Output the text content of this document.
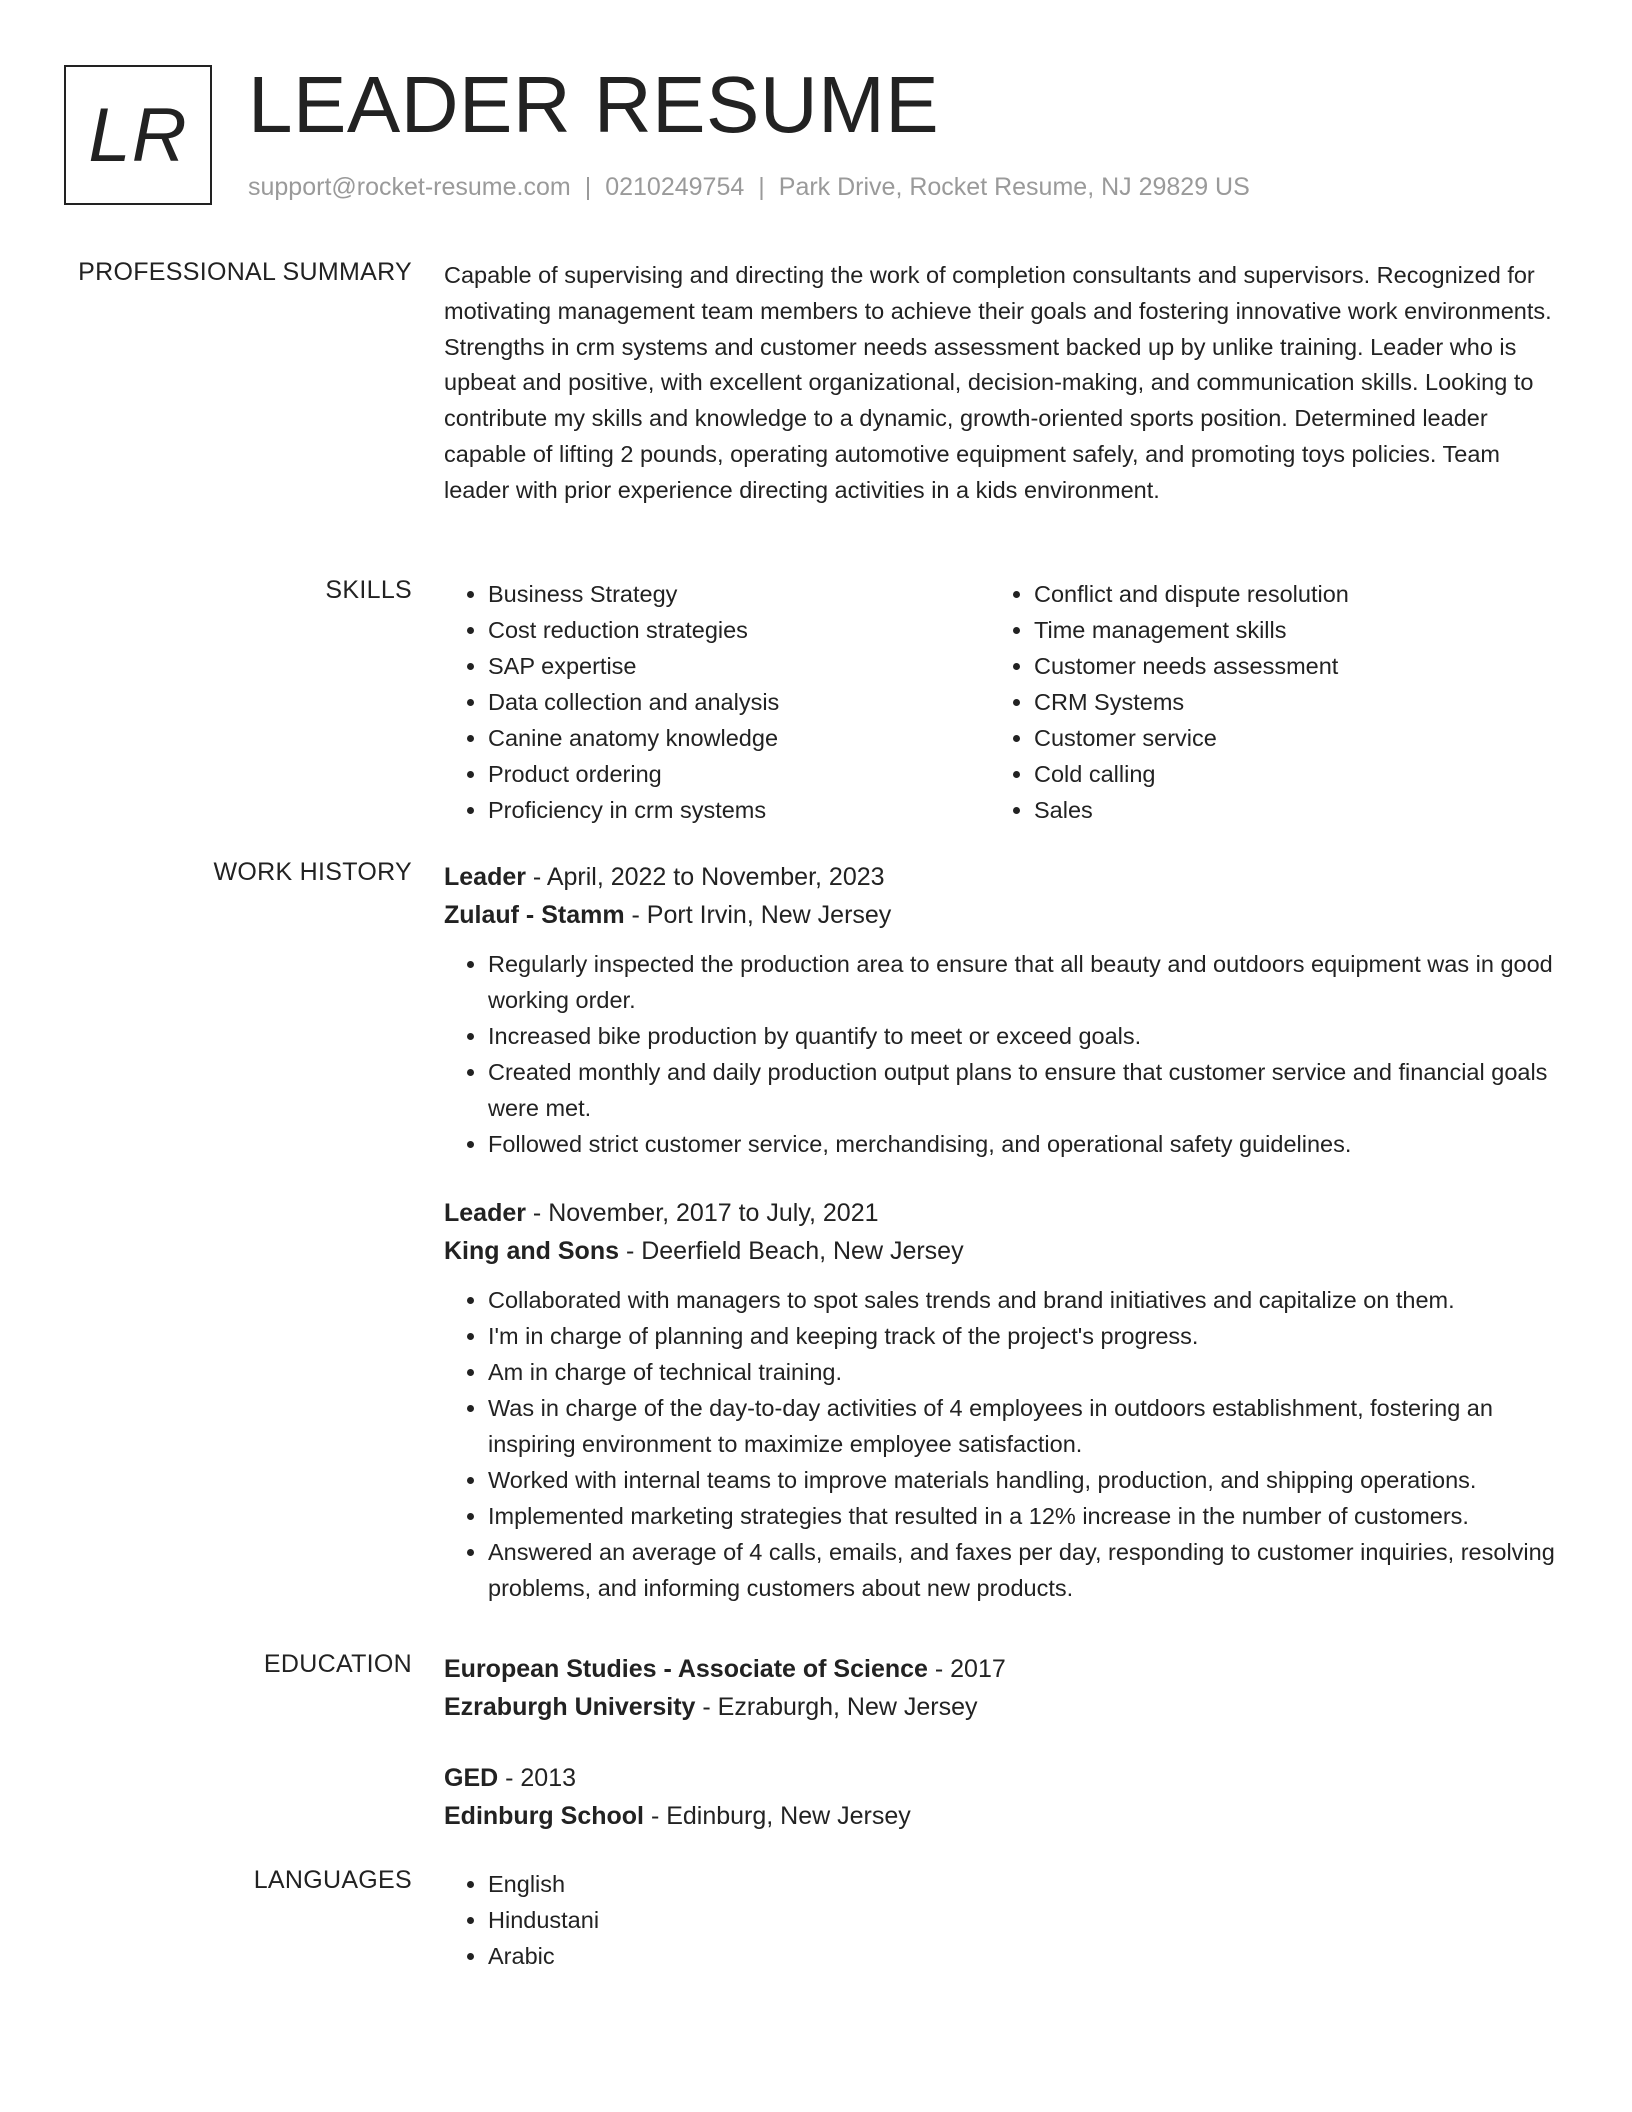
LR LEADER RESUME
support@rocket-resume.com | 0210249754 | Park Drive, Rocket Resume, NJ 29829 US
PROFESSIONAL SUMMARY Capable of supervising and directing the work of completion consultants and supervisors. Recognized for motivating management team members to achieve their goals and fostering innovative work environments. Strengths in crm systems and customer needs assessment backed up by unlike training. Leader who is upbeat and positive, with excellent organizational, decision-making, and communication skills. Looking to contribute my skills and knowledge to a dynamic, growth-oriented sports position. Determined leader capable of lifting 2 pounds, operating automotive equipment safely, and promoting toys policies. Team leader with prior experience directing activities in a kids environment.

SKILLS	• Business Strategy
• Cost reduction strategies
• SAP expertise
• Data collection and analysis
• Canine anatomy knowledge
• Product ordering
• Proficiency in crm systems
• Conflict and dispute resolution
• Time management skills
• Customer needs assessment
• CRM Systems
• Customer service
• Cold calling
• Sales
WORK HISTORY Leader - April, 2022 to November, 2023

Zulauf - Stamm - Port Irvin, New Jersey

• Regularly inspected the production area to ensure that all beauty and outdoors equipment was in good working order.
• Increased bike production by quantify to meet or exceed goals.
• Created monthly and daily production output plans to ensure that customer service and financial goals were met.
• Followed strict customer service, merchandising, and operational safety guidelines.

Leader - November, 2017 to July, 2021

King and Sons - Deerfield Beach, New Jersey

• Collaborated with managers to spot sales trends and brand initiatives and capitalize on them.
• I'm in charge of planning and keeping track of the project's progress.
• Am in charge of technical training.
• Was in charge of the day-to-day activities of 4 employees in outdoors establishment, fostering an inspiring environment to maximize employee satisfaction.
• Worked with internal teams to improve materials handling, production, and shipping operations.
• Implemented marketing strategies that resulted in a 12% increase in the number of customers.
• Answered an average of 4 calls, emails, and faxes per day, responding to customer inquiries, resolving problems, and informing customers about new products.
EDUCATION European Studies - Associate of Science - 2017

Ezraburgh University - Ezraburgh, New Jersey

GED - 2013

Edinburg School - Edinburg, New Jersey

LANGUAGES	• English
• Hindustani
• Arabic
